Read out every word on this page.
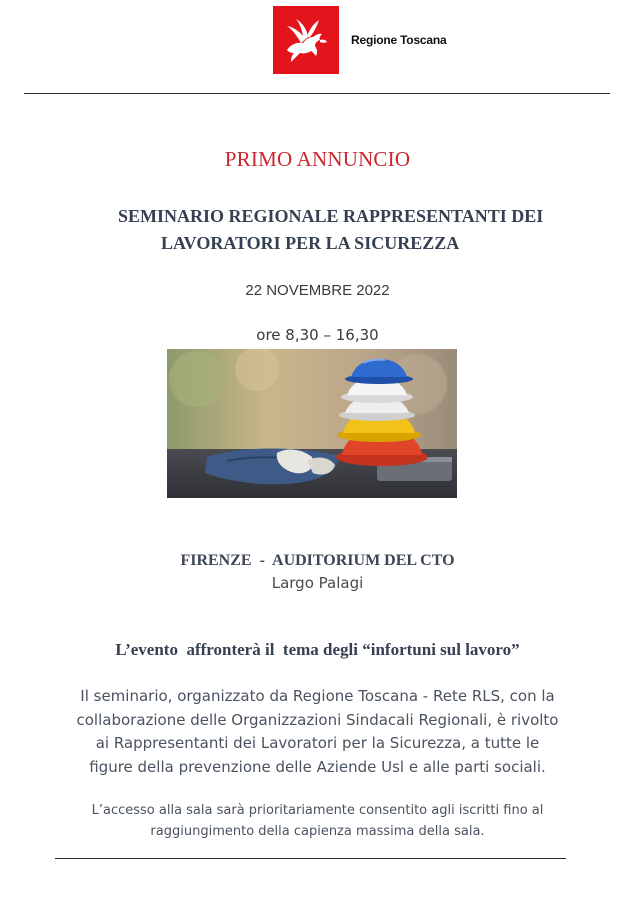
Regione Toscana
PRIMO ANNUNCIO
SEMINARIO REGIONALE RAPPRESENTANTI DEI
LAVORATORI PER LA SICUREZZA
22 NOVEMBRE 2022
ore 8,30 – 16,30
FIRENZE  -  AUDITORIUM DEL CTO
Largo Palagi
L’evento  affronterà il  tema degli “infortuni sul lavoro”
Il seminario, organizzato da Regione Toscana - Rete RLS, con la
collaborazione delle Organizzazioni Sindacali Regionali, è rivolto
ai Rappresentanti dei Lavoratori per la Sicurezza, a tutte le
figure della prevenzione delle Aziende Usl e alle parti sociali.
L’accesso alla sala sarà prioritariamente consentito agli iscritti fino al
raggiungimento della capienza massima della sala.
